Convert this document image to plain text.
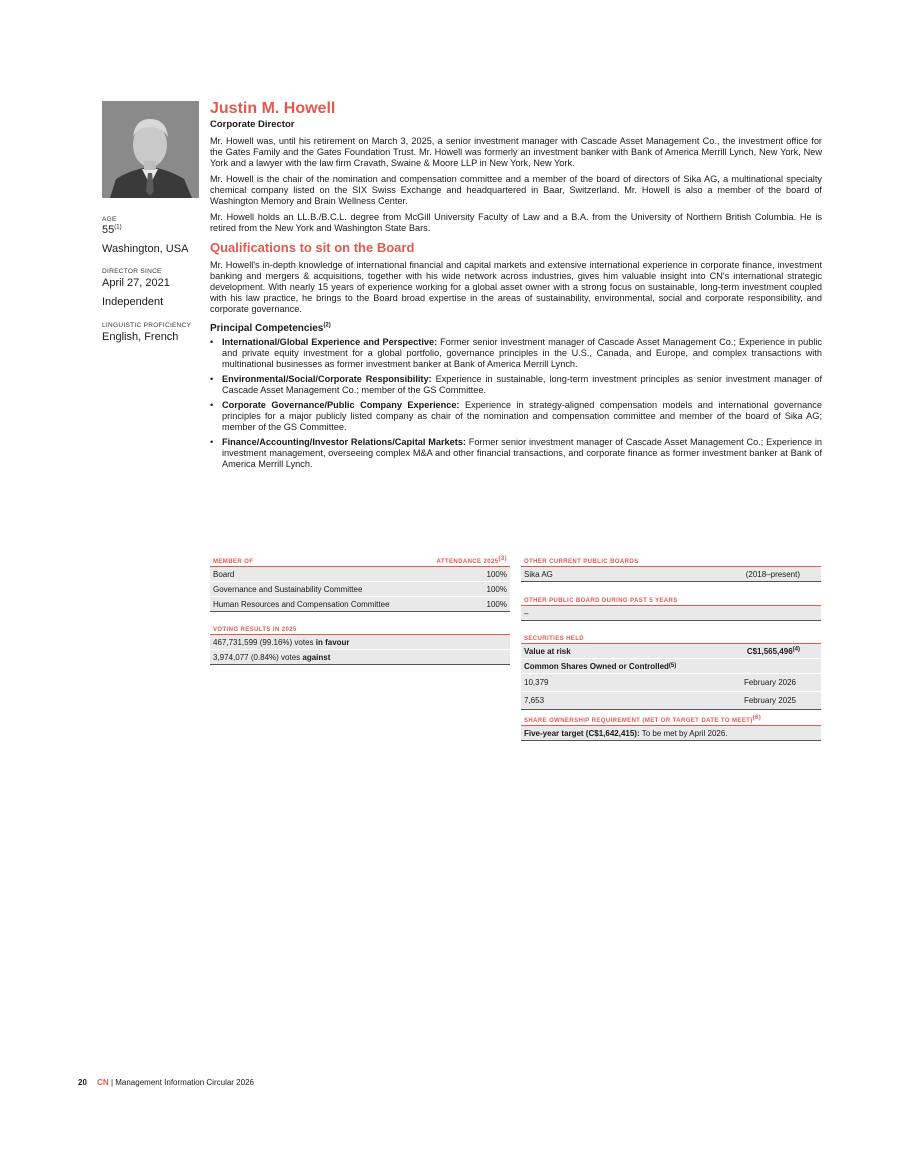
AGE
55$^{(1)}$
Washington, USA
DIRECTOR SINCE
April 27, 2021
Independent
LINGUISTIC PROFICIENCY
English, French
Justin M. Howell
Corporate Director

Mr. Howell was, until his retirement on March 3, 2025, a senior investment manager with Cascade Asset Management Co., the investment office for the Gates Family and the Gates Foundation Trust. Mr. Howell was formerly an investment banker with Bank of America Merrill Lynch, New York, New York and a lawyer with the law firm Cravath, Swaine & Moore LLP in New York, New York.

Mr. Howell is the chair of the nomination and compensation committee and a member of the board of directors of Sika AG, a multinational specialty chemical company listed on the SIX Swiss Exchange and headquartered in Baar, Switzerland. Mr. Howell is also a member of the board of Washington Memory and Brain Wellness Center.

Mr. Howell holds an LL.B./B.C.L. degree from McGill University Faculty of Law and a B.A. from the University of Northern British Columbia. He is retired from the New York and Washington State Bars.

Qualifications to sit on the Board

Mr. Howell's in-depth knowledge of international financial and capital markets and extensive international experience in corporate finance, investment banking and mergers & acquisitions, together with his wide network across industries, gives him valuable insight into CN's international strategic development. With nearly 15 years of experience working for a global asset owner with a strong focus on sustainable, long-term investment coupled with his law practice, he brings to the Board broad expertise in the areas of sustainability, environmental, social and corporate responsibility, and corporate governance.

Principal Competencies$^{(2)}$
• International/Global Experience and Perspective: Former senior investment manager of Cascade Asset Management Co.; Experience in public and private equity investment for a global portfolio, governance principles in the U.S., Canada, and Europe, and complex transactions with multinational businesses as former investment banker at Bank of America Merrill Lynch.
• Environmental/Social/Corporate Responsibility: Experience in sustainable, long-term investment principles as senior investment manager of Cascade Asset Management Co.; member of the GS Committee.
• Corporate Governance/Public Company Experience: Experience in strategy-aligned compensation models and international governance principles for a major publicly listed company as chair of the nomination and compensation committee and member of the board of Sika AG; member of the GS Committee.
• Finance/Accounting/Investor Relations/Capital Markets: Former senior investment manager of Cascade Asset Management Co.; Experience in investment management, overseeing complex M&A and other financial transactions, and corporate finance as former investment banker at Bank of America Merrill Lynch.
MEMBER OF	ATTENDANCE 2025$^{(3)}$
Board	100%
Governance and Sustainability Committee	100%
Human Resources and Compensation Committee	100%
VOTING RESULTS IN 2025
467,731,599 (99.16%) votes in favour
3,974,077 (0.84%) votes against
OTHER CURRENT PUBLIC BOARDS
Sika AG	(2018–present)
OTHER PUBLIC BOARD DURING PAST 5 YEARS
–
SECURITIES HELD
Value at risk	C$1,565,496$^{(4)}$
Common Shares Owned or Controlled (5)
10,379	February 2026
7,653	February 2025
SHARE OWNERSHIP REQUIREMENT (MET OR TARGET DATE TO MEET)$^{(6)}$
Five-year target (C$1,642,415): To be met by April 2026.
20 CN | Management Information Circular 2026
